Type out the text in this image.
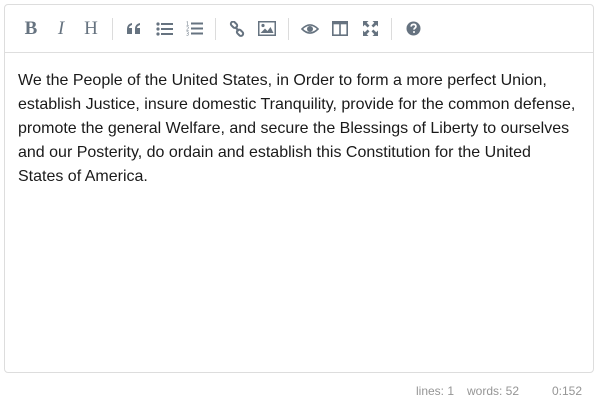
B I H	1
2
3
We the People of the United States, in Order to form a more perfect Union, establish Justice, insure domestic Tranquility, provide for the common defense, promote the general Welfare, and secure the Blessings of Liberty to ourselves and our Posterity, do ordain and establish this Constitution for the United States of America.
lines: 1 words: 52	0:152
